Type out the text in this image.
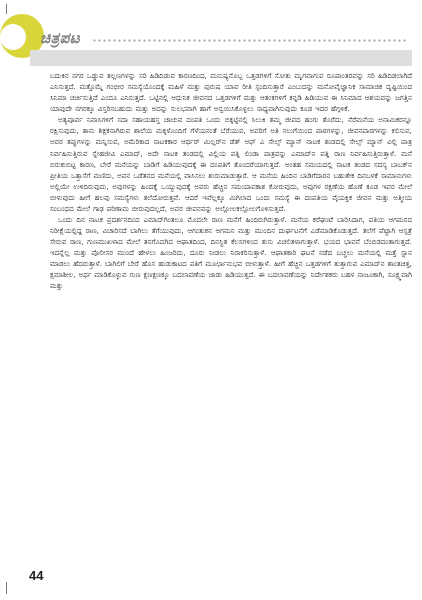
ಚಿತ್ರಪಟ

ಬದುಕಿನ ನಗರ ಒಡ್ಡುವ ತಲ್ಲಣಗಳನ್ನು ಸರಿ ಹಿಡಿದಿಡುವ ಕಾರಣದಿಂದ, ಮನುಷ್ಯನೊಬ್ಬ ಒತ್ತಡಗಳಿಗೆ ಸೋತು ಮೃಗವಾಗುವ ರೂಪಾಂತರವನ್ನು ಸರಿ ಹಿಡಿದಿಡಲಾಗಿದೆ ಎನಿಸುತ್ತದೆ. ಮತ್ತೊಮ್ಮೆ ಗಂಭೀರ ಸಮಸ್ಯೆಯೊಂದಕ್ಕೆ ಮಹಿಳೆ ಮತ್ತು ಪುರುಷ ಯಾವ ರೀತಿ ಸ್ಪಂದಿಸುತ್ತಾರೆ ಎಂಬುದನ್ನು ಮನೋವೈಜ್ಞಾನಿಕ ಸಾಮಾಜಿಕ ದೃಷ್ಟಿಯಿಂದ ಸಿನಿಮಾ ಚರ್ಚಿಸುತ್ತಿದೆ ಎಂದೂ ಎನಿಸುತ್ತದೆ. ಒಟ್ಟಿನಲ್ಲಿ ಆಧುನಿಕ ಜೀವನದ ಒತ್ತಡಗಳಿಗೆ ಮತ್ತು ಆತಂಕಗಳಿಗೆ ಕನ್ನಡಿ ಹಿಡಿಯುವ ಈ ಸಿನಿಮಾದ ಆಶಯವನ್ನು ಜಗತ್ತಿನ ಯಾವುದೇ ನಗರಕ್ಕೂ ವಿಸ್ತರಿಸಬಹುದು ಮತ್ತು ಅದನ್ನು ಸುಲಭವಾಗಿ ಹಾಗೆ ಅನ್ವಯಿಸಿಕೊಳ್ಳಲು ಸಾಧ್ಯವಾಗಿಸುವುದು ಕೂಡ ಇದರ ಹೆಗ್ಗಳಿಕೆ.

ಅತ್ಯಪೂರ್ವ ನಿವಾಸಿಗಳಿಗೆ ಸದಾ ಸಹಾಯಹಸ್ತ ಚಾಚುವ ದಂಪತಿ ಒಂದು ಬಿಕ್ಕಟ್ಟಿನಲ್ಲಿ ಸಿಲುಕಿ ತಮ್ಮ ಜೀವದ ಹಂಗು ತೊರೆದು, ನೆರೆಮನೆಯ ಅನಾಮಿಕರನ್ನೂ ರಕ್ಷಿಸುವುದು, ತಾನು ಶಿಕ್ಷಕನಾಗಿರುವ ಶಾಲೆಯ ಮಕ್ಕಳೊಂದಿಗೆ ಗೆಳೆಯನಂತೆ ಬೆರೆಯುವ, ಅವರಿಗೆ ಅತಿ ಸಲುಗೆಯಿಂದ ಪಾಠಗಳನ್ನು, ಜೀವನಪಾಠಗಳನ್ನು ಕಲಿಸುವ, ಅವರ ತಪ್ಪುಗಳನ್ನು ಮನ್ನಿಸುವ, ಅಮೆರಿಕಾದ ನಾಟಕಕಾರ ಆರ್ಥರ್ ಮಿಲ್ಲರ್‌ನ ಡೆತ್ ಆಫ್ ಎ ಸೇಲ್ಸ್ ಮ್ಯಾನ್ ನಾಟಕ ತಂಡದಲ್ಲಿ ಸೇಲ್ಸ್ ಮ್ಯಾನ್ ವಿಲ್ಲಿ ಪಾತ್ರ ನಿರ್ವಹಿಸುತ್ತಿರುವ ಸ್ನೇಹಜೀವಿ ಎಮಾದ್, ಅದೇ ನಾಟಕ ತಂಡದಲ್ಲಿ ವಿಲ್ಲಿಯ ಪತ್ನಿ ಲಿಂಡಾ ಪಾತ್ರವನ್ನು ಎಮಾದ್‌ನ ಪತ್ನಿ ರಾಣ ನಿರ್ವಹಿಸುತ್ತಿರುತ್ತಾಳೆ. ಮನೆ ಬಿರುಕುಬಿಟ್ಟ ಕಾರಣ, ಬೇರೆ ಮನೆಯನ್ನು ಬಾಡಿಗೆ ಹಿಡಿಯುವುದಕ್ಕೆ ಈ ದಂಪತಿಗೆ ತೊಂದರೆಯಾಗುತ್ತದೆ. ಅಂತಹ ಸಮಯದಲ್ಲಿ ನಾಟಕ ತಂಡದ ಸದಸ್ಯ ಬಾಬಕ್‌ನ ಪ್ರೀತಿಯ ಒತ್ತಾಸೆಗೆ ಮಣಿದು, ಅವನ ಒಡೆತನದ ಮನೆಯಲ್ಲಿ ವಾಸಿಸಲು ಶುರುಮಾಡುತ್ತಾರೆ. ಆ ಮನೆಯ ಹಿಂದಿನ ಬಾಡಿಗೆದಾರನ ಬಹುತೇಕ ದಿನಬಳಕೆ ಸಾಮಾನುಗಳು ಅಲ್ಲಿಯೇ ಉಳಿದಿರುವುದು, ಅವುಗಳನ್ನು ಹಿಂದಕ್ಕೆ ಒಯ್ಯುವುದಕ್ಕೆ ಅವರು ಹೆಚ್ಚಿನ ಸಮಯಾವಕಾಶ ಕೋರುವುದು, ಅವುಗಳ ರಕ್ಷಣೆಯ ಹೊಣೆ ಕೂಡ ಇವರ ಮೇಲೆ ಬೀಳುವುದು ಹೀಗೆ ಹಲವು ಸಮಸ್ಯೆಗಳು ತಲೆದೋರುತ್ತವೆ. ಆದರೆ ಇವೆಲ್ಲಕ್ಕೂ ಮಿಗಿಲಾದ ಒಂದು ಸಮಸ್ಯೆ ಈ ದಂಪತಿಯ ವೈಯಕ್ತಿಕ ಜೀವನ ಮತ್ತು ಅತ್ಮೀಯ ಸಂಬಂಧದ ಮೇಲೆ ಗಾಢ ಪರಿಣಾಮ ಬೀರುವುದಲ್ಲದೆ, ಅವರ ಜೀವನವನ್ನು ಅಲ್ಲೋಲಕಲ್ಲೋಲಗೊಳಿಸುತ್ತದೆ.

ಒಂದು ದಿನ ನಾಟಕ ಪ್ರದರ್ಶನದಿಂದ ಎಮಾದ್‌ಗಿಂತಲೂ ಮೊದಲೇ ರಾಣ ಮನೆಗೆ ಹಿಂದಿರುಗಿರುತ್ತಾಳೆ. ಮನೆಯ ಕರೆಘಂಟೆ ಬಾರಿಸಿದಾಗ, ಪತಿಯ ಆಗಮನದ ನಿರೀಕ್ಷೆಯಲ್ಲಿದ್ದ ರಾಣ, ವಿಚಾರಿಸದೆ ಬಾಗಿಲು ತೆಗೆಯುವುದು, ಆಗಂತುಕನ ಆಗಮನ ಮತ್ತು ಮುಂದಿನ ದುರ್ಘಟನೆಗೆ ಎಡೆಮಾಡಿಕೊಡುತ್ತದೆ. ತಲೆಗೆ ಪೆಟ್ಟಾಗಿ ಆಸ್ಪತ್ರೆ ಸೇರುವ ರಾಣ, ಗುಣಮುಖಳಾದ ಮೇಲೆ ತನಗೊದಗಿದ ಆಘಾತದಿಂದ, ದಿನಸ್ಥಿತ ಕೆಲಸಗಳಿಂದ ತುಸು ವಿಚಲಿತಳಾಗುತ್ತಾಳೆ. ಭಯದ ಭಾವನೆ ಬೆಂಬಿಡದಂತಾಗುತ್ತದೆ. ಇದನ್ನೆಲ್ಲ ಮತ್ತು ಪೊಲೀಸರ ಮುಂದೆ ಹೇಳಲು ಹಿಂಜರಿದು, ದೂರು ನೀಡಲು ನಿರಾಕರಿಸುತ್ತಾಳೆ. ಆಘಾತಕಾರಿ ಘಟನೆ ನಡೆದ ಬಚ್ಚಲು ಮನೆಯಲ್ಲಿ ಮತ್ತೆ ಸ್ನಾನ ಮಾಡಲು ಹೆದರುತ್ತಾಳೆ. ಬಾಗಿಲಿಗೆ ಬೇರೆ ಹೊಸ ಹುಡುಕಾಟದ ಪತಿಗೆ ಮೂರ್ಛಾನುಭವ ಬೀಳುತ್ತಾಳೆ. ಹೀಗೆ ಹೆಚ್ಚಿನ ಒತ್ತಡಗಳಿಗೆ ತುತ್ತಾಗುವ ಎಮಾದ್‌ನ ಶಾಂತಚಿತ್ತ, ಕ್ಷಮಾಶೀಲ, ಅರ್ಥ ಮಾಡಿಕೊಳ್ಳುವ ಗುಣ ಕ್ಷಣಕ್ಷಣಕ್ಕೂ ಬದಲಾವಣೆಯ ಜಾಡು ಹಿಡಿಯುತ್ತದೆ. ಈ ಬದಲಾವಣೆಯನ್ನು ನಿರ್ದೇಶಕರು ಬಹಳ ನಾಜೂಕಾಗಿ, ಸೂಕ್ಷ್ಮವಾಗಿ ಮತ್ತು

44
